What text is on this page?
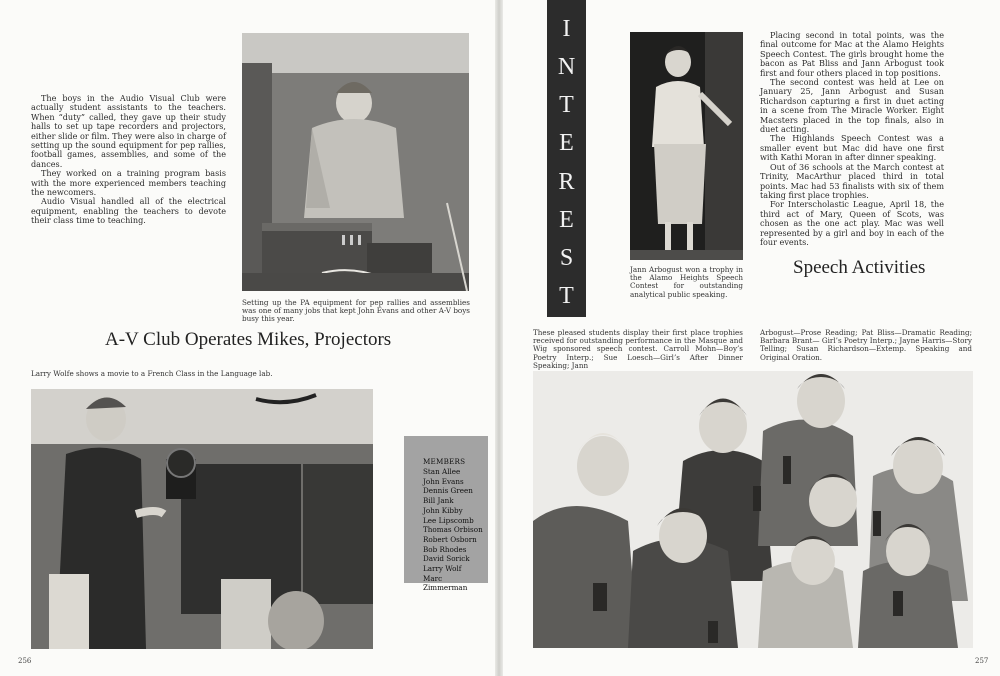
The boys in the Audio Visual Club were actually student assistants to the teachers. When “duty” called, they gave up their study halls to set up tape recorders and projectors, either slide or film. They were also in charge of setting up the sound equipment for pep rallies, football games, assemblies, and some of the dances.

They worked on a training program basis with the more experienced members teaching the newcomers.

Audio Visual handled all of the electrical equipment, enabling the teachers to devote their class time to teaching.

Setting up the PA equipment for pep rallies and assemblies was one of many jobs that kept John Evans and other A-V boys busy this year.

A-V Club Operates Mikes, Projectors

Larry Wolfe shows a movie to a French Class in the Language lab.

MEMBERS
Stan Allee
John Evans
Dennis Green
Bill Jank
John Kibby
Lee Lipscomb
Thomas Orbison
Robert Osborn
Bob Rhodes
David Sorick
Larry Wolf
Marc Zimmerman
256
I
N
T
E
R
E
S
T

Jann Arbogust won a trophy in the Alamo Heights Speech Contest for outstanding analytical public speaking.

Placing second in total points, was the final outcome for Mac at the Alamo Heights Speech Contest. The girls brought home the bacon as Pat Bliss and Jann Arbogust took first and four others placed in top positions.

The second contest was held at Lee on January 25, Jann Arbogust and Susan Richardson capturing a first in duet acting in a scene from The Miracle Worker. Eight Macsters placed in the top finals, also in duet acting.

The Highlands Speech Contest was a smaller event but Mac did have one first with Kathi Moran in after dinner speaking.

Out of 36 schools at the March contest at Trinity, MacArthur placed third in total points. Mac had 53 finalists with six of them taking first place trophies.

For Interscholastic League, April 18, the third act of Mary, Queen of Scots, was chosen as the one act play. Mac was well represented by a girl and boy in each of the four events.

Speech Activities

These pleased students display their first place trophies received for outstanding performance in the Masque and Wig sponsored speech contest. Carroll Mohn—Boy’s Poetry Interp.; Sue Loesch—Girl’s After Dinner Speaking; Jann

Arbogust—Prose Reading; Pat Bliss—Dramatic Reading; Barbara Brant— Girl’s Poetry Interp.; Jayne Harris—Story Telling; Susan Richardson—Extemp. Speaking and Original Oration.

257
